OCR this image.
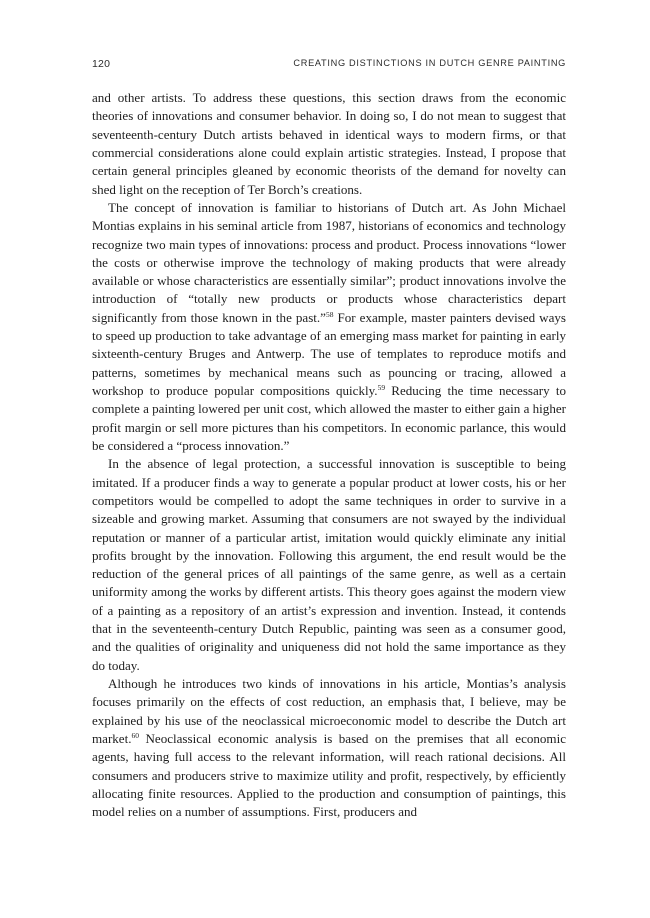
120	CREATING DISTINCTIONS IN DUTCH GENRE PAINTING

and other artists. To address these questions, this section draws from the economic theories of innovations and consumer behavior. In doing so, I do not mean to suggest that seventeenth-century Dutch artists behaved in identical ways to modern firms, or that commercial considerations alone could explain artistic strategies. Instead, I propose that certain general principles gleaned by economic theorists of the demand for novelty can shed light on the reception of Ter Borch’s creations.

The concept of innovation is familiar to historians of Dutch art. As John Michael Montias explains in his seminal article from 1987, historians of economics and technology recognize two main types of innovations: process and product. Process innovations “lower the costs or otherwise improve the technology of making products that were already available or whose characteristics are essentially similar”; product innovations involve the introduction of “totally new products or products whose characteristics depart significantly from those known in the past.”$^{58}$ For example, master painters devised ways to speed up production to take advantage of an emerging mass market for painting in early sixteenth-century Bruges and Antwerp. The use of templates to reproduce motifs and patterns, sometimes by mechanical means such as pouncing or tracing, allowed a workshop to produce popular compositions quickly.$^{59}$ Reducing the time necessary to complete a painting lowered per unit cost, which allowed the master to either gain a higher profit margin or sell more pictures than his competitors. In economic parlance, this would be considered a “process innovation.”

In the absence of legal protection, a successful innovation is susceptible to being imitated. If a producer finds a way to generate a popular product at lower costs, his or her competitors would be compelled to adopt the same techniques in order to survive in a sizeable and growing market. Assuming that consumers are not swayed by the individual reputation or manner of a particular artist, imitation would quickly eliminate any initial profits brought by the innovation. Following this argument, the end result would be the reduction of the general prices of all paintings of the same genre, as well as a certain uniformity among the works by different artists. This theory goes against the modern view of a painting as a repository of an artist’s expression and invention. Instead, it contends that in the seventeenth-century Dutch Republic, painting was seen as a consumer good, and the qualities of originality and uniqueness did not hold the same importance as they do today.

Although he introduces two kinds of innovations in his article, Montias’s analysis focuses primarily on the effects of cost reduction, an emphasis that, I believe, may be explained by his use of the neoclassical microeconomic model to describe the Dutch art market.$^{60}$ Neoclassical economic analysis is based on the premises that all economic agents, having full access to the relevant information, will reach rational decisions. All consumers and producers strive to maximize utility and profit, respectively, by efficiently allocating finite resources. Applied to the production and consumption of paintings, this model relies on a number of assumptions. First, producers and
